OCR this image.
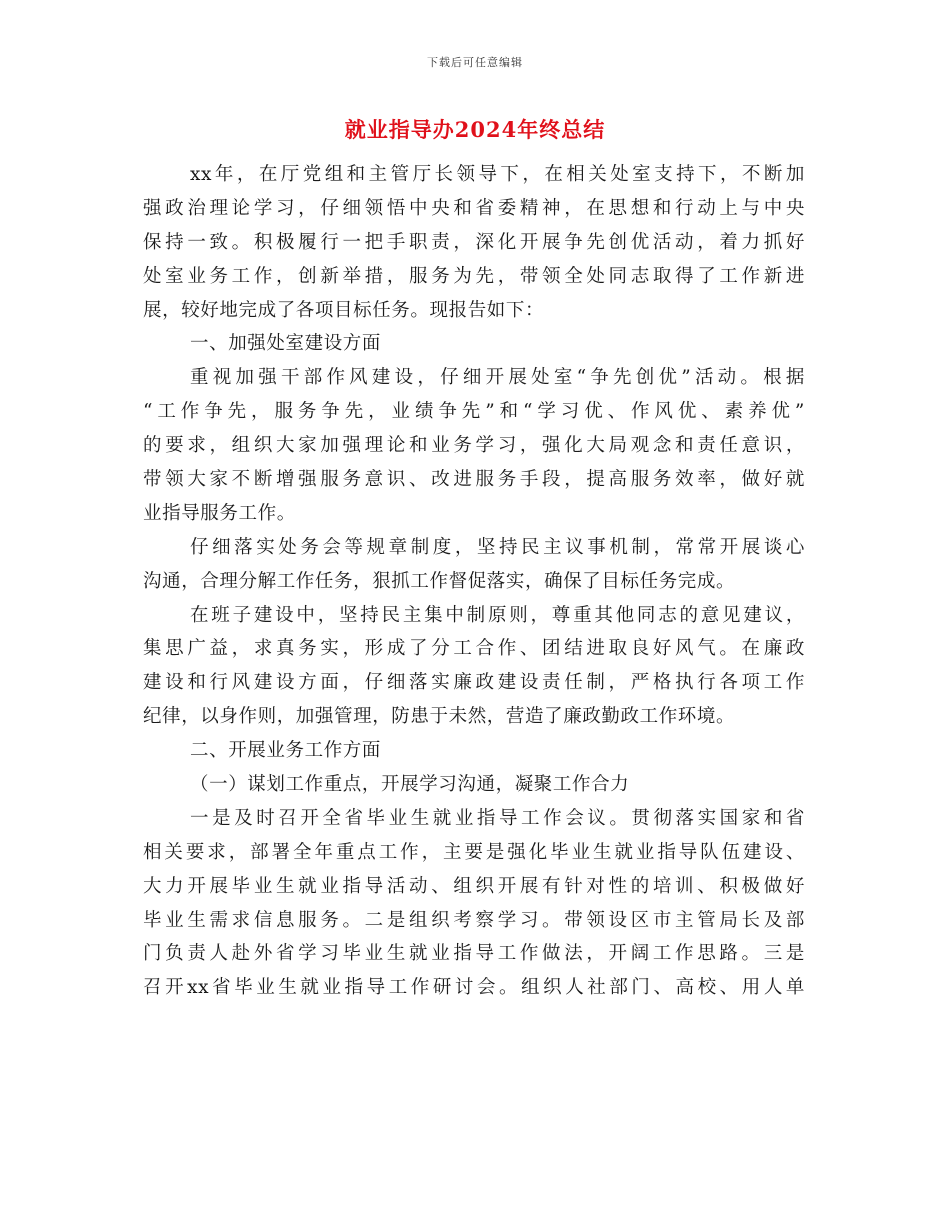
下载后可任意编辑
就业指导办2024年终总结
xx年，在厅党组和主管厅长领导下，在相关处室支持下，不断加
强政治理论学习，仔细领悟中央和省委精神，在思想和行动上与中央
保持一致。积极履行一把手职责，深化开展争先创优活动，着力抓好
处室业务工作，创新举措，服务为先，带领全处同志取得了工作新进
展，较好地完成了各项目标任务。现报告如下：
一、加强处室建设方面
重视加强干部作风建设，仔细开展处室“争先创优”活动。根据
“工作争先，服务争先，业绩争先”和“学习优、作风优、素养优”
的要求，组织大家加强理论和业务学习，强化大局观念和责任意识，
带领大家不断增强服务意识、改进服务手段，提高服务效率，做好就
业指导服务工作。
仔细落实处务会等规章制度，坚持民主议事机制，常常开展谈心
沟通，合理分解工作任务，狠抓工作督促落实，确保了目标任务完成。
在班子建设中，坚持民主集中制原则，尊重其他同志的意见建议，
集思广益，求真务实，形成了分工合作、团结进取良好风气。在廉政
建设和行风建设方面，仔细落实廉政建设责任制，严格执行各项工作
纪律，以身作则，加强管理，防患于未然，营造了廉政勤政工作环境。
二、开展业务工作方面
（一）谋划工作重点，开展学习沟通，凝聚工作合力
一是及时召开全省毕业生就业指导工作会议。贯彻落实国家和省
相关要求，部署全年重点工作，主要是强化毕业生就业指导队伍建设、
大力开展毕业生就业指导活动、组织开展有针对性的培训、积极做好
毕业生需求信息服务。二是组织考察学习。带领设区市主管局长及部
门负责人赴外省学习毕业生就业指导工作做法，开阔工作思路。三是
召开xx省毕业生就业指导工作研讨会。组织人社部门、高校、用人单
